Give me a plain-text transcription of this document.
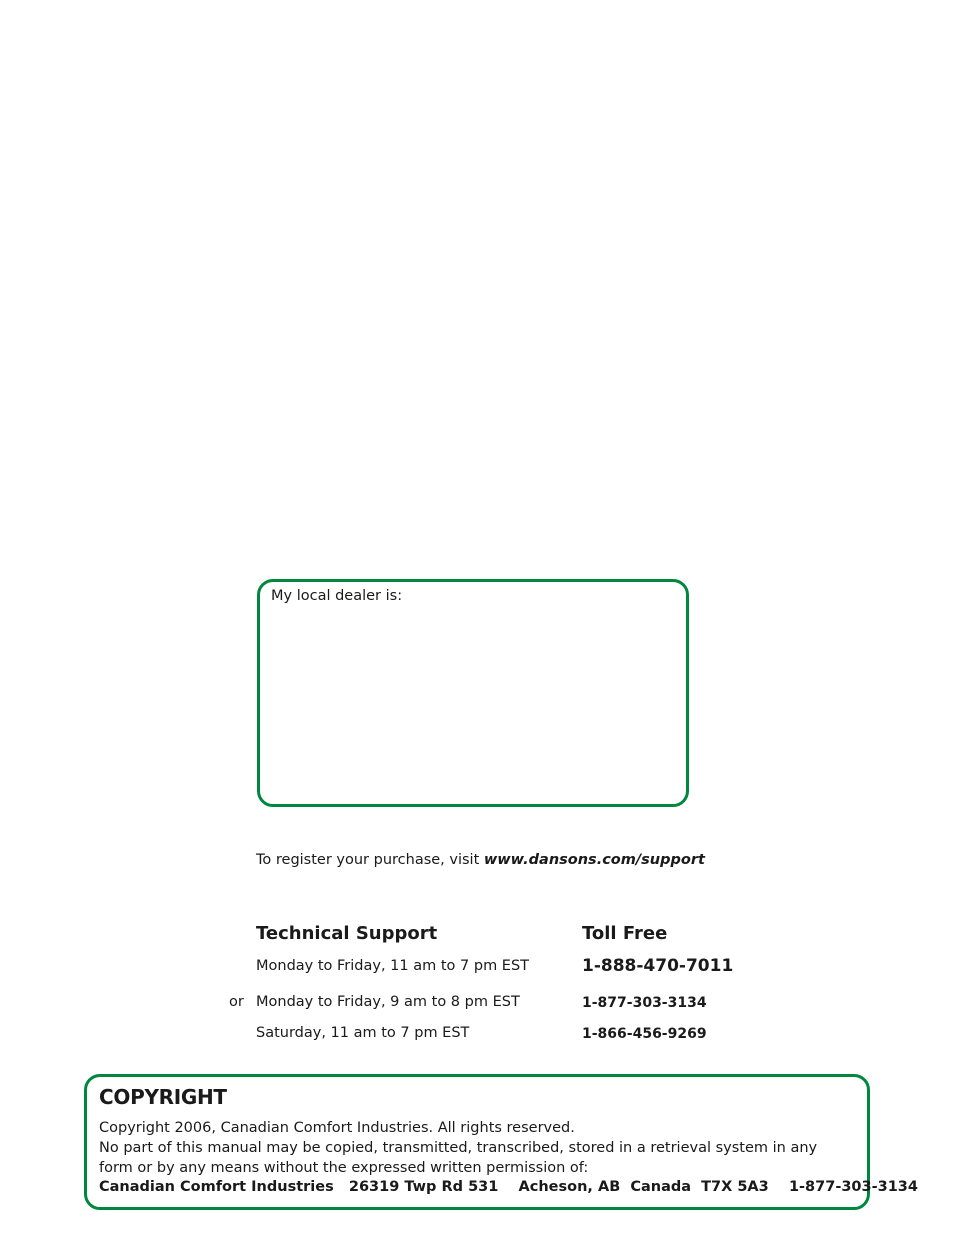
My local dealer is:
To register your purchase, visit www.dansons.com/support
Technical Support	Toll Free
Monday to Friday, 11 am to 7 pm EST	1-888-470-7011
or Monday to Friday, 9 am to 8 pm EST	1-877-303-3134
Saturday, 11 am to 7 pm EST	1-866-456-9269
COPYRIGHT
Copyright 2006, Canadian Comfort Industries. All rights reserved.
No part of this manual may be copied, transmitted, transcribed, stored in a retrieval system in any
form or by any means without the expressed written permission of:
Canadian Comfort Industries   26319 Twp Rd 531    Acheson, AB  Canada  T7X 5A3    1-877-303-3134
